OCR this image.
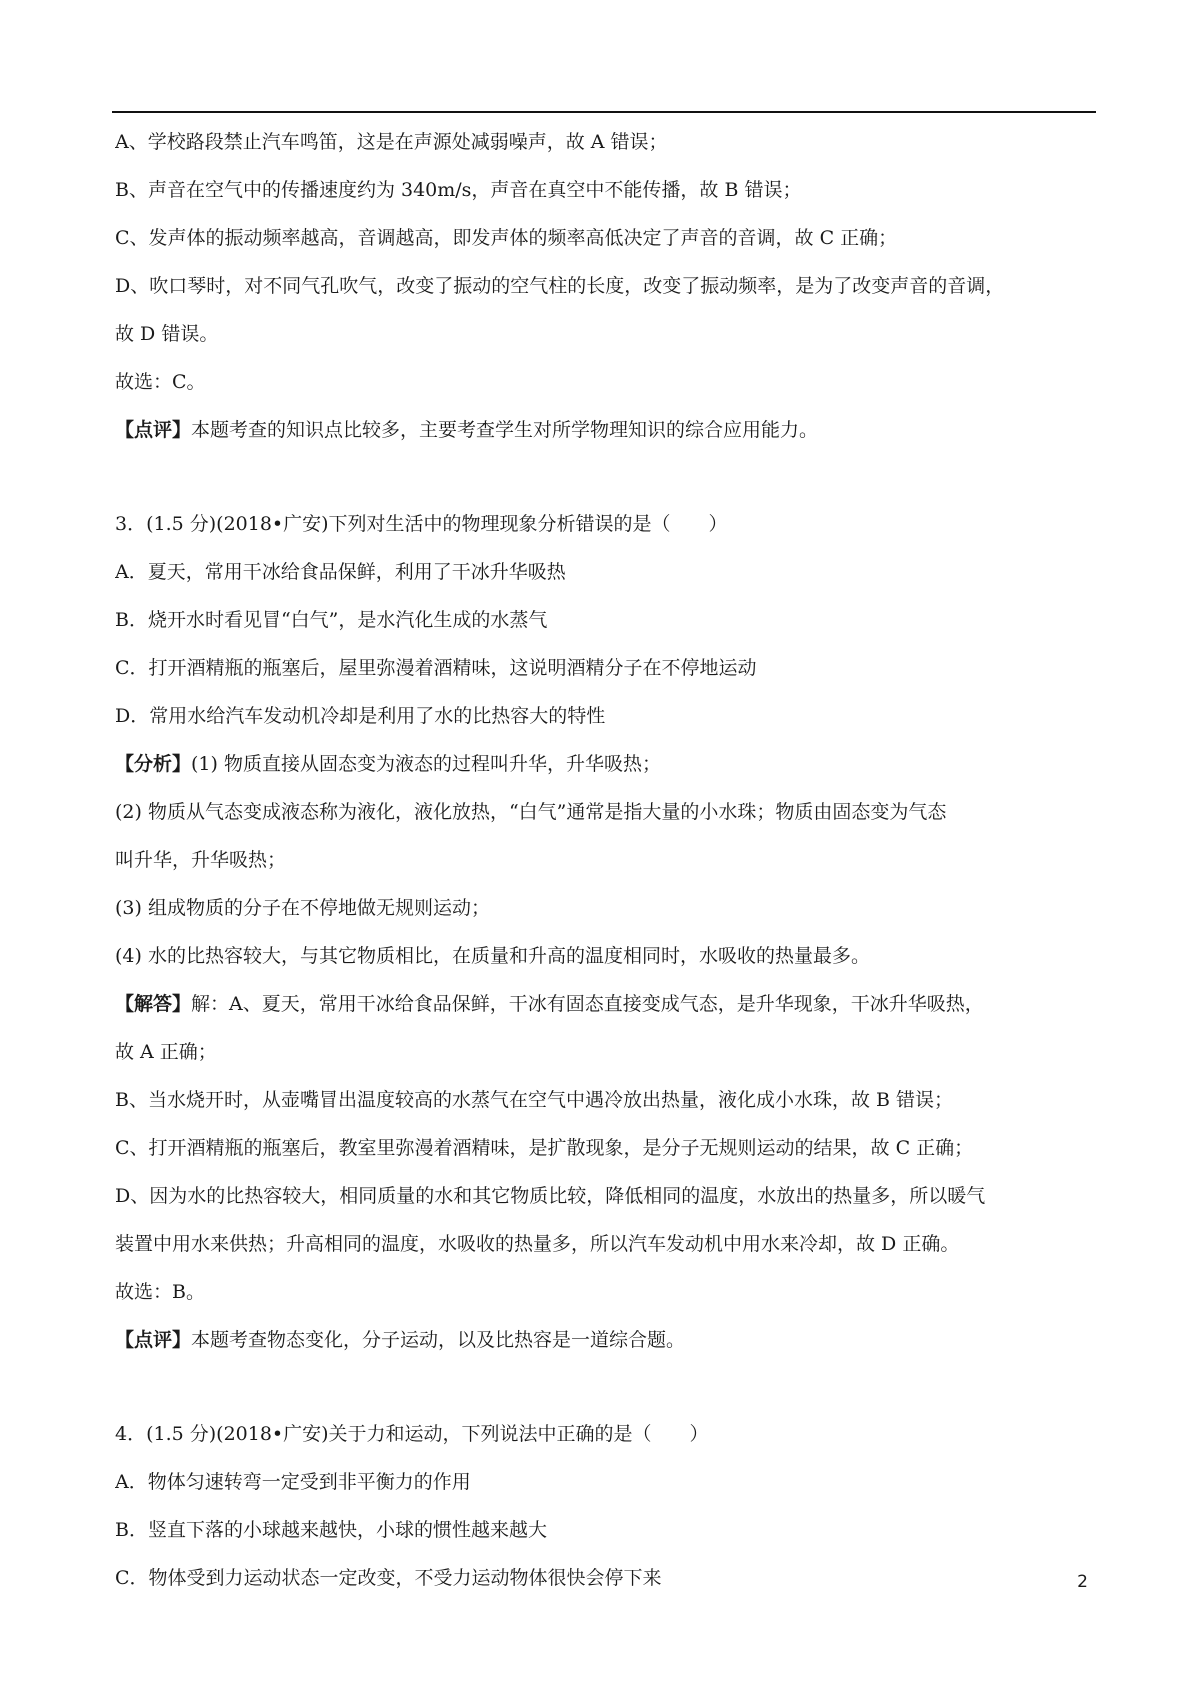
A、学校路段禁止汽车鸣笛，这是在声源处减弱噪声，故 A 错误；
B、声音在空气中的传播速度约为 340m/s，声音在真空中不能传播，故 B 错误；
C、发声体的振动频率越高，音调越高，即发声体的频率高低决定了声音的音调，故 C 正确；
D、吹口琴时，对不同气孔吹气，改变了振动的空气柱的长度，改变了振动频率，是为了改变声音的音调，
故 D 错误。
故选：C。
【点评】本题考查的知识点比较多，主要考查学生对所学物理知识的综合应用能力。
3．(1.5 分)(2018•广安)下列对生活中的物理现象分析错误的是（　　）
A．夏天，常用干冰给食品保鲜，利用了干冰升华吸热
B．烧开水时看见冒“白气”，是水汽化生成的水蒸气
C．打开酒精瓶的瓶塞后，屋里弥漫着酒精味，这说明酒精分子在不停地运动
D．常用水给汽车发动机冷却是利用了水的比热容大的特性
【分析】(1) 物质直接从固态变为液态的过程叫升华，升华吸热；
(2) 物质从气态变成液态称为液化，液化放热，“白气”通常是指大量的小水珠；物质由固态变为气态
叫升华，升华吸热；
(3) 组成物质的分子在不停地做无规则运动；
(4) 水的比热容较大，与其它物质相比，在质量和升高的温度相同时，水吸收的热量最多。
【解答】解：A、夏天，常用干冰给食品保鲜，干冰有固态直接变成气态，是升华现象，干冰升华吸热，
故 A 正确；
B、当水烧开时，从壶嘴冒出温度较高的水蒸气在空气中遇冷放出热量，液化成小水珠，故 B 错误；
C、打开酒精瓶的瓶塞后，教室里弥漫着酒精味，是扩散现象，是分子无规则运动的结果，故 C 正确；
D、因为水的比热容较大，相同质量的水和其它物质比较，降低相同的温度，水放出的热量多，所以暖气
装置中用水来供热；升高相同的温度，水吸收的热量多，所以汽车发动机中用水来冷却，故 D 正确。
故选：B。
【点评】本题考查物态变化，分子运动，以及比热容是一道综合题。
4．(1.5 分)(2018•广安)关于力和运动，下列说法中正确的是（　　）
A．物体匀速转弯一定受到非平衡力的作用
B．竖直下落的小球越来越快，小球的惯性越来越大
C．物体受到力运动状态一定改变，不受力运动物体很快会停下来	2
